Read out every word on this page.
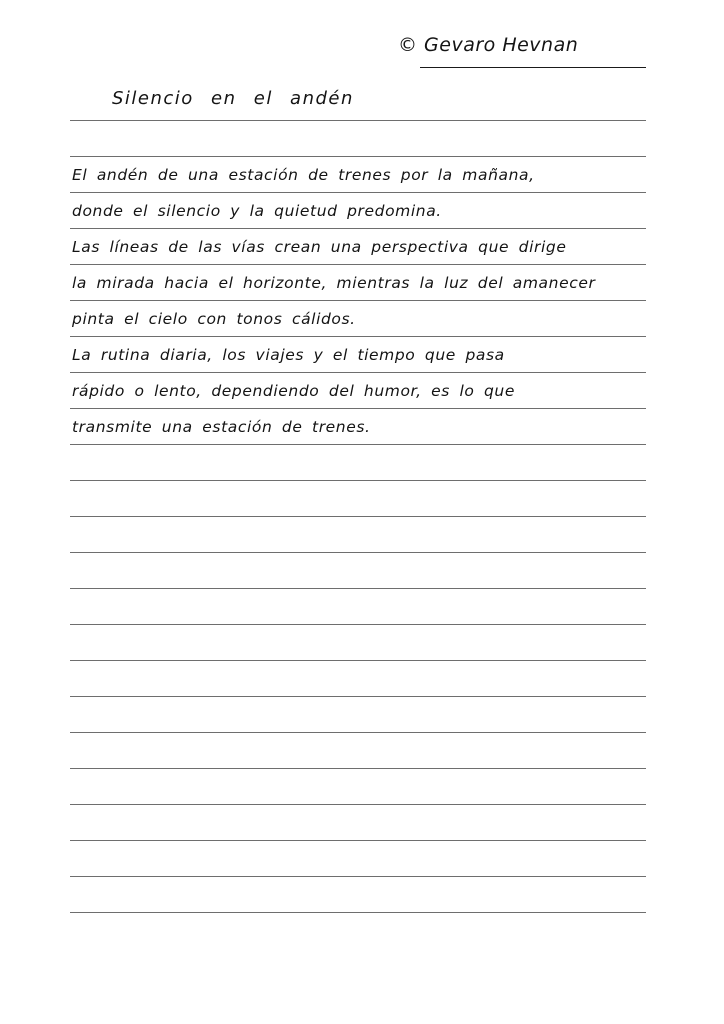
© Gevaro Hevnan
Silencio en el andén
El andén de una estación de trenes por la mañana,
donde el silencio y la quietud predomina.
Las líneas de las vías crean una perspectiva que dirige
la mirada hacia el horizonte, mientras la luz del amanecer
pinta el cielo con tonos cálidos.
La rutina diaria, los viajes y el tiempo que pasa
rápido o lento, dependiendo del humor, es lo que
transmite una estación de trenes.
